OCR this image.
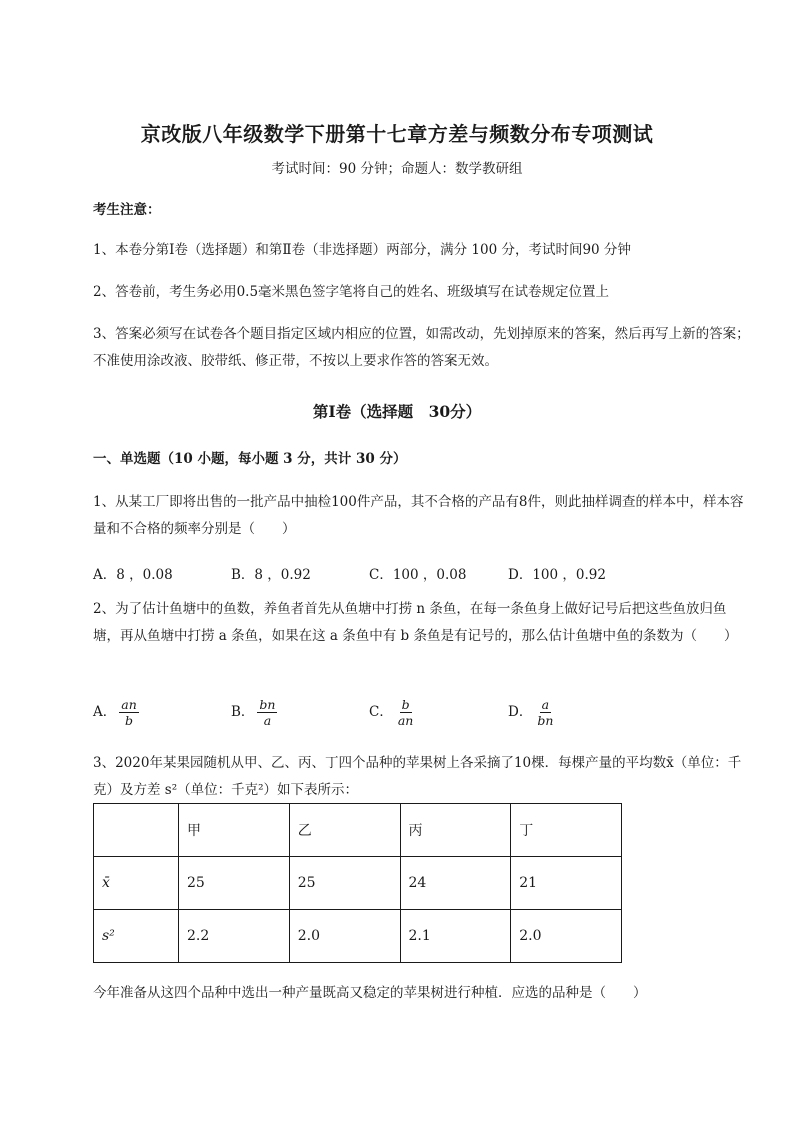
京改版八年级数学下册第十七章方差与频数分布专项测试
考试时间：90 分钟；命题人：数学教研组
考生注意：
1、本卷分第Ⅰ卷（选择题）和第Ⅱ卷（非选择题）两部分，满分 100 分，考试时间90 分钟
2、答卷前，考生务必用0.5毫米黑色签字笔将自己的姓名、班级填写在试卷规定位置上
3、答案必须写在试卷各个题目指定区域内相应的位置，如需改动，先划掉原来的答案，然后再写上新的答案；不准使用涂改液、胶带纸、修正带，不按以上要求作答的答案无效。
第Ⅰ卷（选择题　30分）
一、单选题（10 小题，每小题 3 分，共计 30 分）
1、从某工厂即将出售的一批产品中抽检100件产品，其不合格的产品有8件，则此抽样调查的样本中，样本容量和不合格的频率分别是（　　）
A．8 ，0.08	B．8 ，0.92	C．100 ，0.08	D．100 ，0.92
2、为了估计鱼塘中的鱼数，养鱼者首先从鱼塘中打捞 n 条鱼，在每一条鱼身上做好记号后把这些鱼放归鱼塘，再从鱼塘中打捞 a 条鱼，如果在这 a 条鱼中有 b 条鱼是有记号的，那么估计鱼塘中鱼的条数为（　　）
A． $\frac{an}{b}$	B． $\frac{bn}{a}$	C． $\frac{b}{an}$	D． $\frac{a}{bn}$
3、2020年某果园随机从甲、乙、丙、丁四个品种的苹果树上各采摘了10棵．每棵产量的平均数x̄（单位：千克）及方差 s²（单位：千克²）如下表所示：
	甲	乙	丙	丁
x̄	25	25	24	21
s²	2.2	2.0	2.1	2.0
今年准备从这四个品种中选出一种产量既高又稳定的苹果树进行种植．应选的品种是（　　）
